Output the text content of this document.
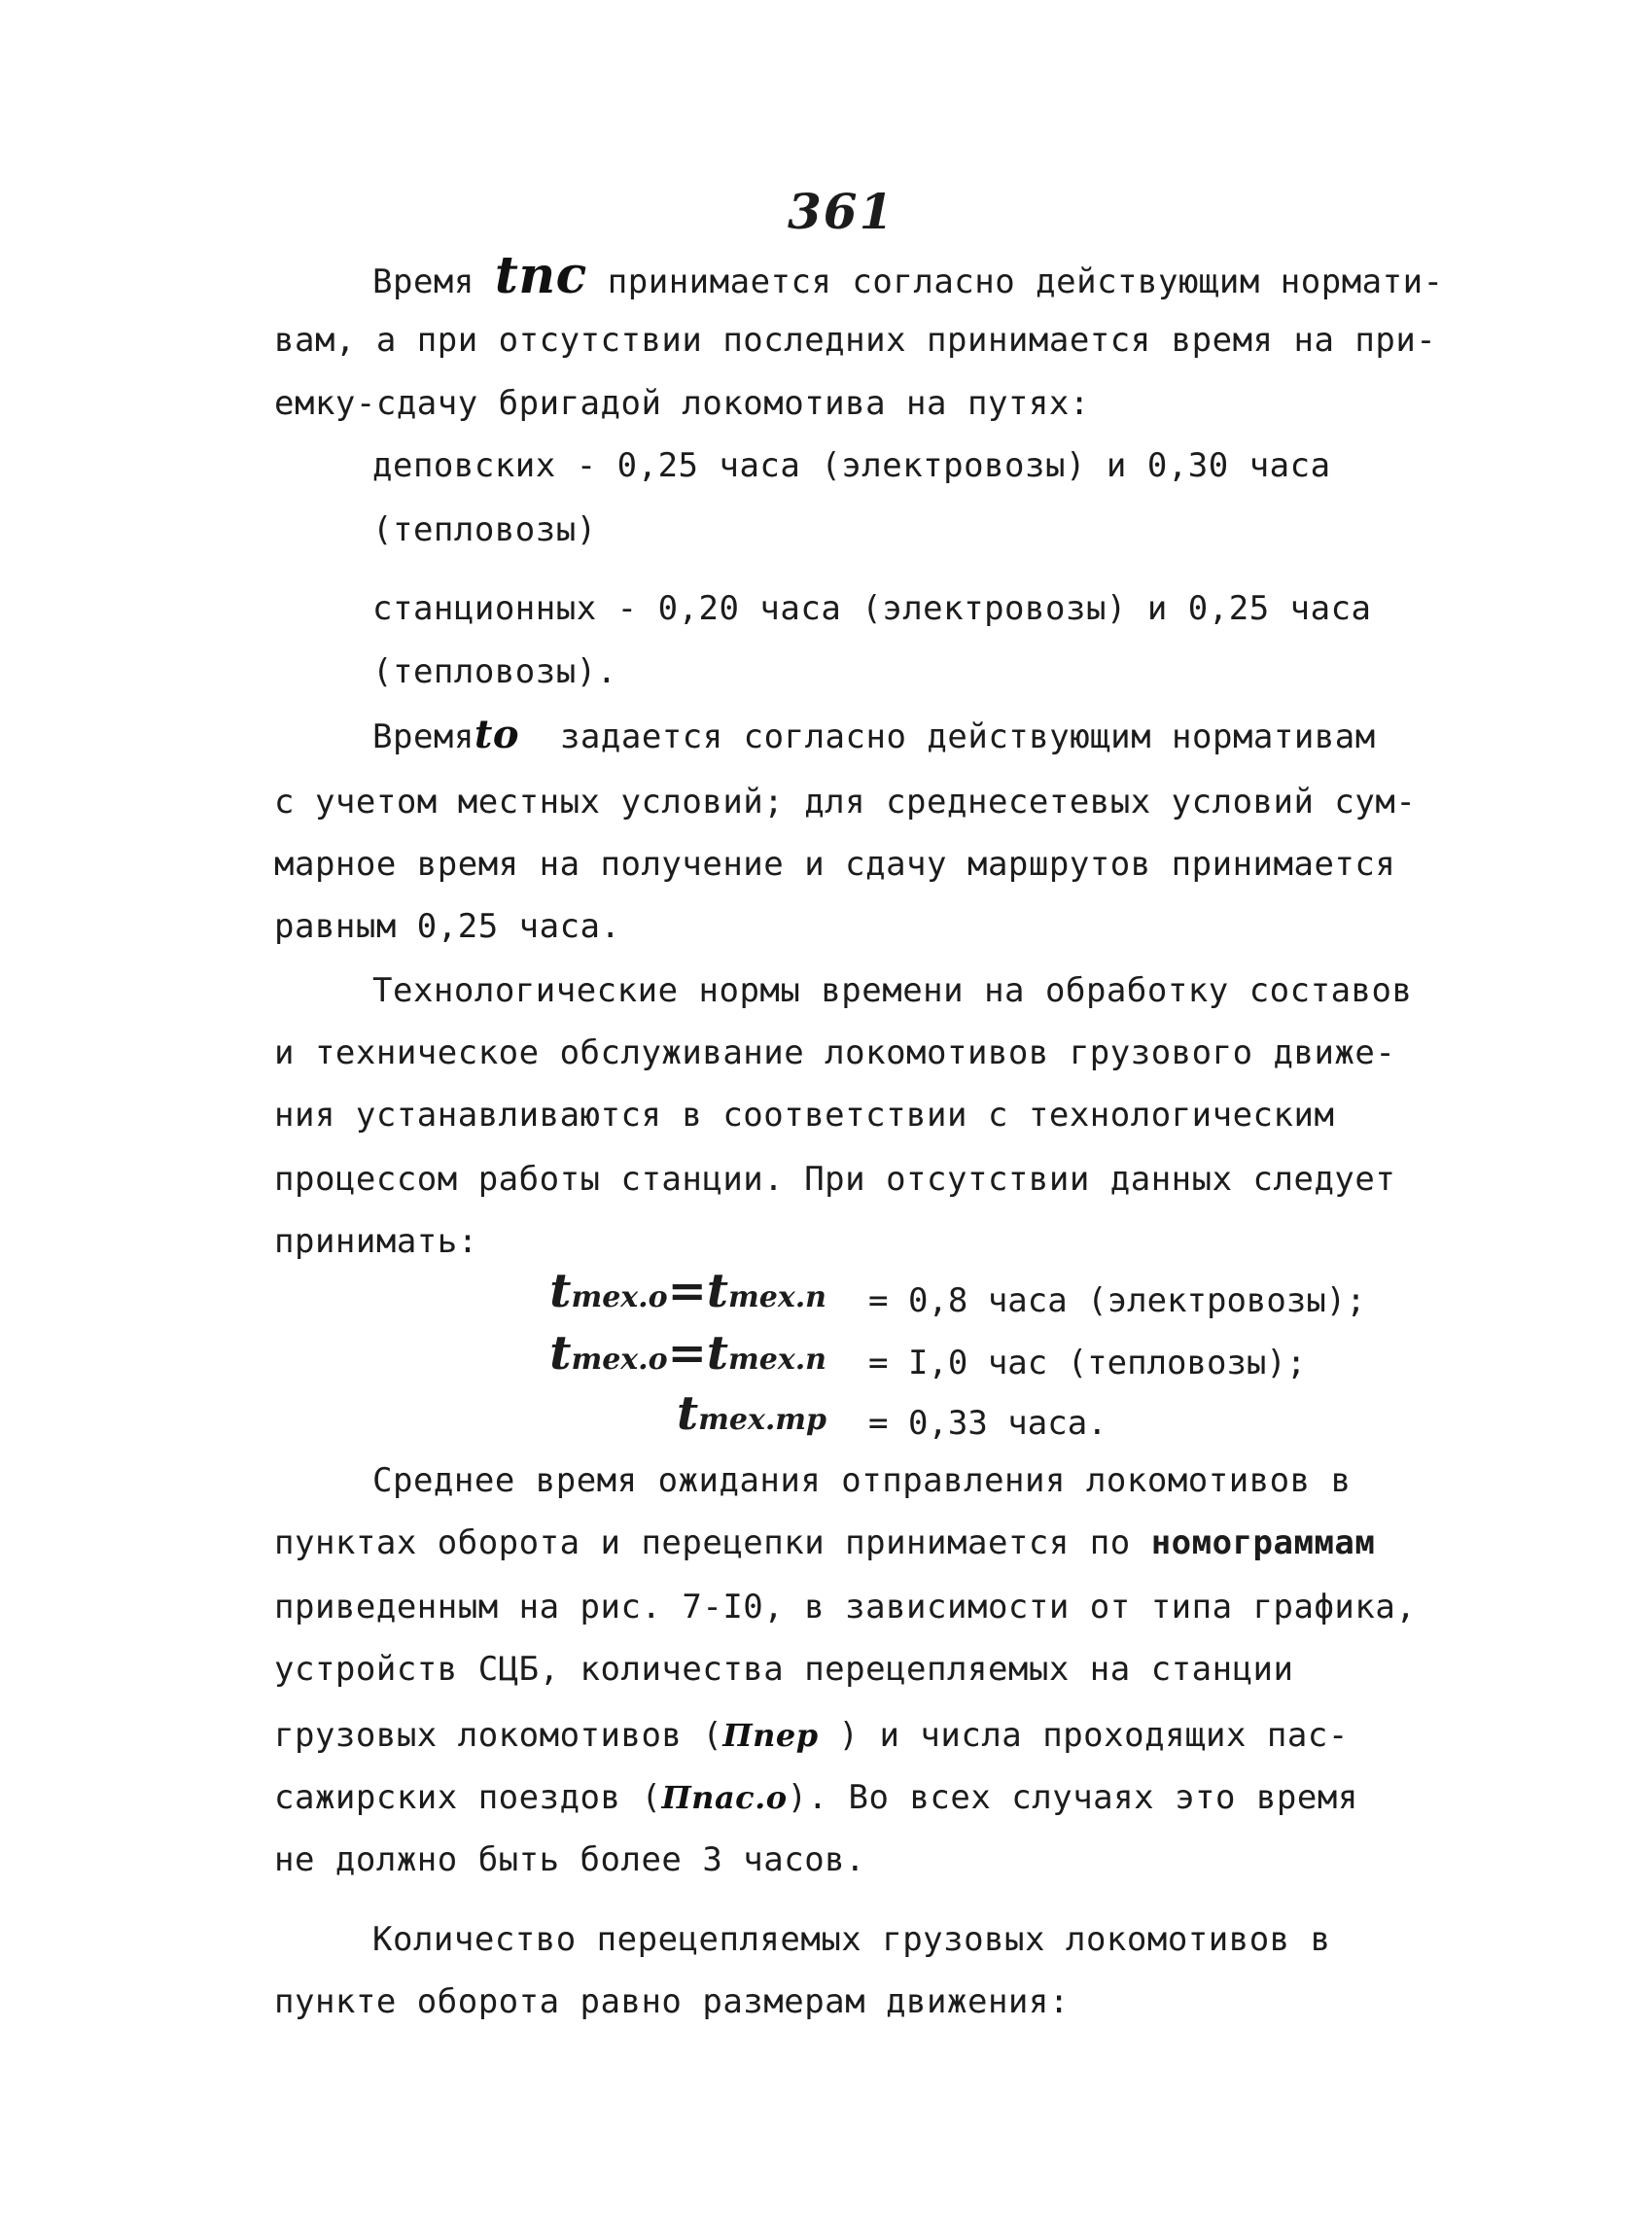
361
Время tпс принимается согласно действующим нормати-
вам, а при отсутствии последних принимается время на при-
емку-сдачу бригадой локомотива на путях:
деповских - 0,25 часа (электровозы) и 0,30 часа
(тепловозы)
станционных - 0,20 часа (электровозы) и 0,25 часа
(тепловозы).
Времяto  задается согласно действующим нормативам
с учетом местных условий; для среднесетевых условий сум-
марное время на получение и сдачу маршрутов принимается
равным 0,25 часа.
Технологические нормы времени на обработку составов
и техническое обслуживание локомотивов грузового движе-
ния устанавливаются в соответствии с технологическим
процессом работы станции. При отсутствии данных следует
принимать:
tтех.о=tтех.п = 0,8 часа (электровозы);
tтех.о=tтех.п = I,0 час (тепловозы);
tтех.тр = 0,33 часа.
Среднее время ожидания отправления локомотивов в
пунктах оборота и перецепки принимается по номограммам
приведенным на рис. 7-I0, в зависимости от типа графика,
устройств СЦБ, количества перецепляемых на станции
грузовых локомотивов (Ппер ) и числа проходящих пас-
сажирских поездов (Ппас.о). Во всех случаях это время
не должно быть более 3 часов.
Количество перецепляемых грузовых локомотивов в
пункте оборота равно размерам движения:
